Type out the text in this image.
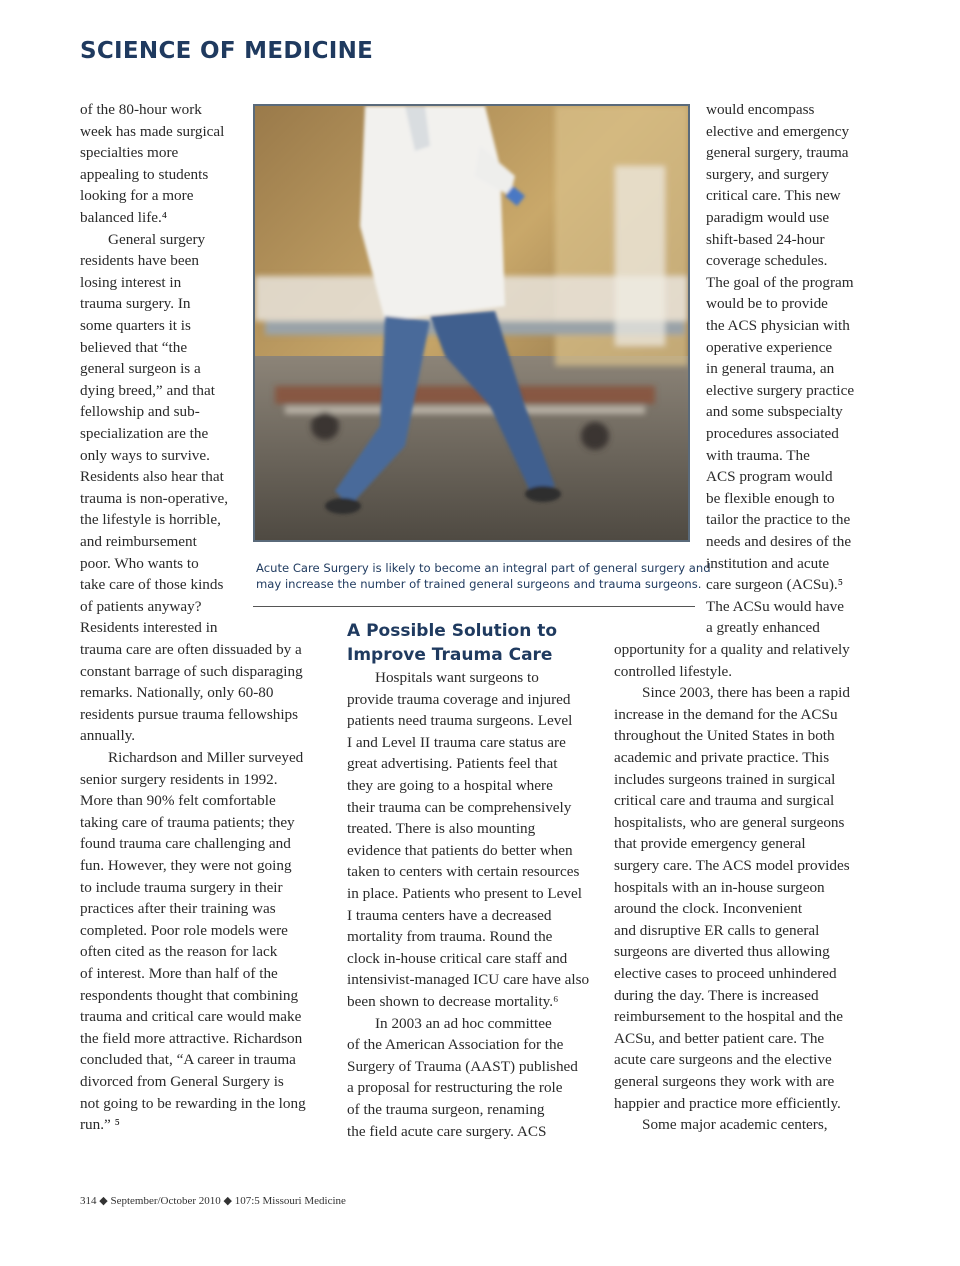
SCIENCE OF MEDICINE
of the 80-hour work
week has made surgical
specialties more
appealing to students
looking for a more
balanced life.⁴
General surgery
residents have been
losing interest in
trauma surgery. In
some quarters it is
believed that “the
general surgeon is a
dying breed,” and that
fellowship and sub-
specialization are the
only ways to survive.
Residents also hear that
trauma is non-operative,
the lifestyle is horrible,
and reimbursement
poor. Who wants to
take care of those kinds
of patients anyway?
Residents interested in
trauma care are often dissuaded by a
constant barrage of such disparaging
remarks. Nationally, only 60-80
residents pursue trauma fellowships
annually.
Richardson and Miller surveyed
senior surgery residents in 1992.
More than 90% felt comfortable
taking care of trauma patients; they
found trauma care challenging and
fun. However, they were not going
to include trauma surgery in their
practices after their training was
completed. Poor role models were
often cited as the reason for lack
of interest. More than half of the
respondents thought that combining
trauma and critical care would make
the field more attractive. Richardson
concluded that, “A career in trauma
divorced from General Surgery is
not going to be rewarding in the long
run.” ⁵
Acute Care Surgery is likely to become an integral part of general surgery and
may increase the number of trained general surgeons and trauma surgeons.
A Possible Solution to
Improve Trauma Care
Hospitals want surgeons to
provide trauma coverage and injured
patients need trauma surgeons. Level
I and Level II trauma care status are
great advertising. Patients feel that
they are going to a hospital where
their trauma can be comprehensively
treated. There is also mounting
evidence that patients do better when
taken to centers with certain resources
in place. Patients who present to Level
I trauma centers have a decreased
mortality from trauma. Round the
clock in-house critical care staff and
intensivist-managed ICU care have also
been shown to decrease mortality.⁶
In 2003 an ad hoc committee
of the American Association for the
Surgery of Trauma (AAST) published
a proposal for restructuring the role
of the trauma surgeon, renaming
the field acute care surgery. ACS
would encompass
elective and emergency
general surgery, trauma
surgery, and surgery
critical care. This new
paradigm would use
shift-based 24-hour
coverage schedules.
The goal of the program
would be to provide
the ACS physician with
operative experience
in general trauma, an
elective surgery practice
and some subspecialty
procedures associated
with trauma. The
ACS program would
be flexible enough to
tailor the practice to the
needs and desires of the
institution and acute
care surgeon (ACSu).⁵
The ACSu would have
a greatly enhanced
opportunity for a quality and relatively
controlled lifestyle.
Since 2003, there has been a rapid
increase in the demand for the ACSu
throughout the United States in both
academic and private practice. This
includes surgeons trained in surgical
critical care and trauma and surgical
hospitalists, who are general surgeons
that provide emergency general
surgery care. The ACS model provides
hospitals with an in-house surgeon
around the clock. Inconvenient
and disruptive ER calls to general
surgeons are diverted thus allowing
elective cases to proceed unhindered
during the day. There is increased
reimbursement to the hospital and the
ACSu, and better patient care. The
acute care surgeons and the elective
general surgeons they work with are
happier and practice more efficiently.
Some major academic centers,
314 ◆ September/October 2010 ◆ 107:5 Missouri Medicine
